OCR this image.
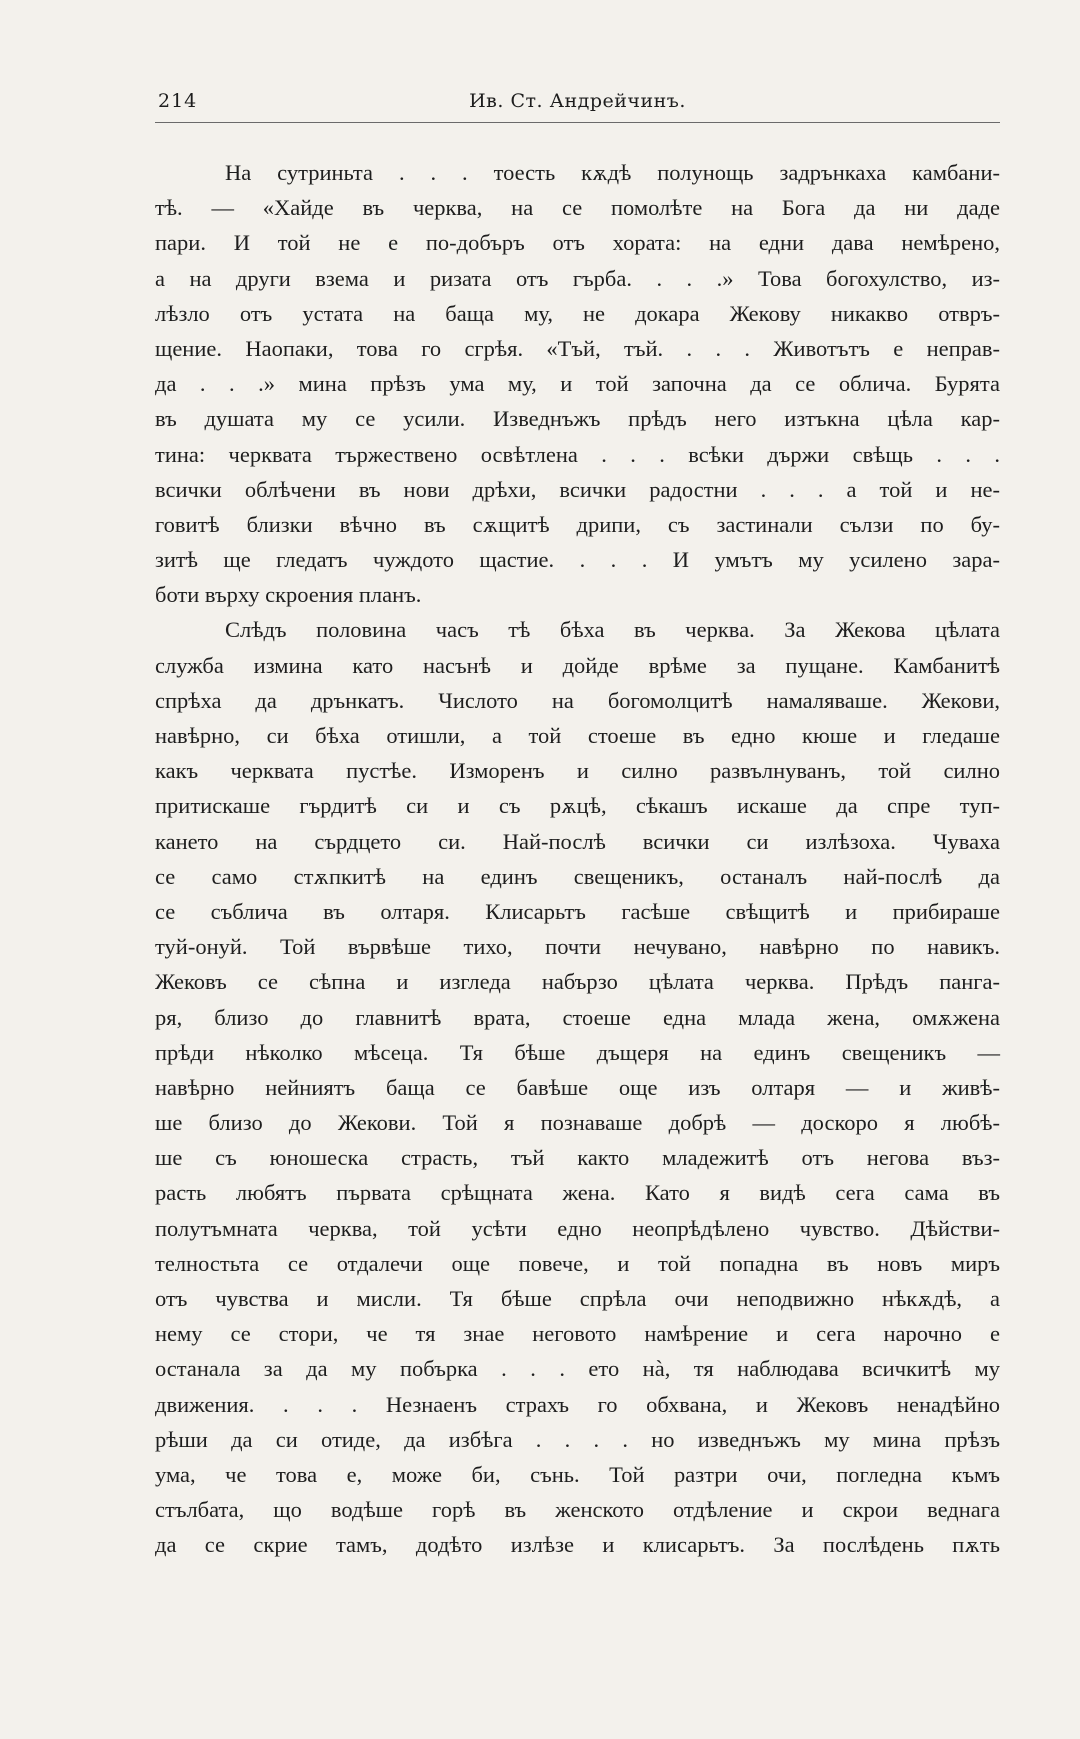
214	Ив. Ст. Андрейчинъ.
На сутриньта . . . тоесть кѫдѣ полунощь задрънкаха камбани-
тѣ. — «Хайде въ черква, на се помолѣте на Бога да ни даде
пари. И той не е по-добъръ отъ хората: на едни дава немѣрено,
а на други взема и ризата отъ гърба. . . .» Това богохулство, из-
лѣзло отъ устата на баща му, не докара Жекову никакво отвръ-
щение. Наопаки, това го сгрѣя. «Тъй, тъй. . . . Животътъ е неправ-
да . . .» мина прѣзъ ума му, и той започна да се облича. Бурята
въ душата му се усили. Изведнъжъ прѣдъ него изтъкна цѣла кар-
тина: черквата тържествено освѣтлена . . . всѣки държи свѣщь . . .
всички облѣчени въ нови дрѣхи, всички радостни . . . а той и не-
говитѣ близки вѣчно въ сѫщитѣ дрипи, съ застинали сълзи по бу-
зитѣ ще гледатъ чуждото щастие. . . . И умътъ му усилено зара-
боти върху скроения планъ.
Слѣдъ половина часъ тѣ бѣха въ черква. За Жекова цѣлата
служба измина като насънѣ и дойде врѣме за пущане. Камбанитѣ
спрѣха да дрънкатъ. Числото на богомолцитѣ намаляваше. Жекови,
навѣрно, си бѣха отишли, а той стоеше въ едно кюше и гледаше
какъ черквата пустѣе. Изморенъ и силно развълнуванъ, той силно
притискаше гърдитѣ си и съ рѫцѣ, сѣкашъ искаше да спре туп-
кането на сърдцето си. Най-послѣ всички си излѣзоха. Чуваха
се само стѫпкитѣ на единъ свещеникъ, останалъ най-послѣ да
се съблича въ олтаря. Клисарьтъ гасѣше свѣщитѣ и прибираше
туй-онуй. Той вървѣше тихо, почти нечувано, навѣрно по навикъ.
Жековъ се сѣпна и изгледа набързо цѣлата черква. Прѣдъ панга-
ря, близо до главнитѣ врата, стоеше една млада жена, омѫжена
прѣди нѣколко мѣсеца. Тя бѣше дъщеря на единъ свещеникъ —
навѣрно нейниятъ баща се бавѣше още изъ олтаря — и живѣ-
ше близо до Жекови. Той я познаваше добрѣ — доскоро я любѣ-
ше съ юношеска страсть, тъй както младежитѣ отъ негова въз-
расть любятъ първата срѣщната жена. Като я видѣ сега сама въ
полутъмната черква, той усѣти едно неопрѣдѣлено чувство. Дѣйстви-
телностьта се отдалечи още повече, и той попадна въ новъ миръ
отъ чувства и мисли. Тя бѣше спрѣла очи неподвижно нѣкѫдѣ, а
нему се стори, че тя знае неговото намѣрение и сега нарочно е
останала за да му побърка . . . ето нà, тя наблюдава всичкитѣ му
движения. . . . Незнаенъ страхъ го обхвана, и Жековъ ненадѣйно
рѣши да си отиде, да избѣга . . . . но изведнъжъ му мина прѣзъ
ума, че това е, може би, сънь. Той разтри очи, погледна къмъ
стълбата, що водѣше горѣ въ женското отдѣление и скрои веднага
да се скрие тамъ, додѣто излѣзе и клисарьтъ. За послѣдень пѫть
